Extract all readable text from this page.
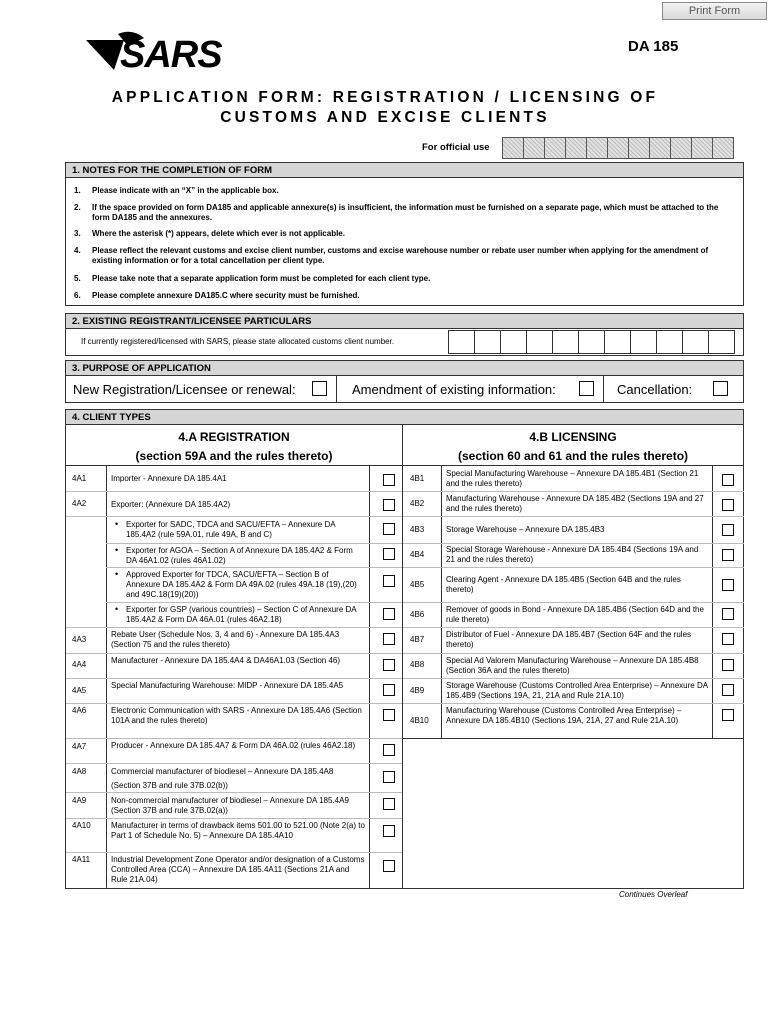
Print Form
SARS	DA 185
APPLICATION FORM: REGISTRATION / LICENSING OF
CUSTOMS AND EXCISE CLIENTS
For official use
1. NOTES FOR THE COMPLETION OF FORM
1. Please indicate with an “X” in the applicable box.
2. If the space provided on form DA185 and applicable annexure(s) is insufficient, the information must be furnished on a separate page, which must be attached to the form DA185 and the annexures.
3. Where the asterisk (*) appears, delete which ever is not applicable.
4. Please reflect the relevant customs and excise client number, customs and excise warehouse number or rebate user number when applying for the amendment of existing information or for a total cancellation per client type.
5. Please take note that a separate application form must be completed for each client type.
6. Please complete annexure DA185.C where security must be furnished.
2. EXISTING REGISTRANT/LICENSEE PARTICULARS
If currently registered/licensed with SARS, please state allocated customs client number.
3. PURPOSE OF APPLICATION
New Registration/Licensee or renewal:	Amendment of existing information:	Cancellation:
4. CLIENT TYPES
4.A REGISTRATION
(section 59A and the rules thereto)
4.B LICENSING
(section 60 and 61 and the rules thereto)
4A1	Importer - Annexure DA 185.4A1
4A2	Exporter: (Annexure DA 185.4A2)
• Exporter for SADC, TDCA and SACU/EFTA – Annexure DA 185.4A2 (rule 59A.01, rule 49A, B and C)
• Exporter for AGOA – Section A of Annexure DA 185.4A2 & Form DA 46A1.02 (rules 46A1.02)
• Approved Exporter for TDCA, SACU/EFTA – Section B of Annexure DA 185.4A2 & Form DA 49A.02 (rules 49A.18 (19),(20) and 49C.18(19)(20))
• Exporter for GSP (various countries) – Section C of Annexure DA 185.4A2 & Form DA 46A.01 (rules 46A2.18)
4A3
Rebate User (Schedule Nos. 3, 4 and 6) - Annexure DA 185.4A3 (Section 75 and the rules thereto)
4A4	Manufacturer - Annexure DA 185.4A4 & DA46A1.03 (Section 46)
4A5
Special Manufacturing Warehouse: MIDP - Annexure DA 185.4A5
4A6	Electronic Communication with SARS - Annexure DA 185.4A6 (Section 101A and the rules thereto)
4A7	Producer - Annexure DA 185.4A7 & Form DA 46A.02 (rules 46A2.18)
4A8	Commercial manufacturer of biodiesel – Annexure DA 185.4A8
(Section 37B and rule 37B.02(b))
4A9	Non-commercial manufacturer of biodiesel – Annexure DA 185.4A9 (Section 37B and rule 37B.02(a))
4A10	Manufacturer in terms of drawback items 501.00 to 521.00 (Note 2(a) to Part 1 of Schedule No. 5) – Annexure DA 185.4A10
4A11	Industrial Development Zone Operator and/or designation of a Customs Controlled Area (CCA) – Annexure DA 185.4A11 (Sections 21A and Rule 21A.04)
4B1
Special Manufacturing Warehouse – Annexure DA 185.4B1 (Section 21 and the rules thereto)
4B2
Manufacturing Warehouse - Annexure DA 185.4B2 (Sections 19A and 27 and the rules thereto)
4B3	Storage Warehouse – Annexure DA 185.4B3
4B4
Special Storage Warehouse - Annexure DA 185.4B4 (Sections 19A and 21 and the rules thereto)
4B5
Clearing Agent - Annexure DA 185.4B5 (Section 64B and the rules thereto)
4B6
Remover of goods in Bond - Annexure DA 185.4B6 (Section 64D and the rule thereto)
4B7
Distributor of Fuel - Annexure DA 185.4B7 (Section 64F and the rules thereto)
4B8	Special Ad Valorem Manufacturing Warehouse – Annexure DA 185.4B8 (Section 36A and the rules thereto)
4B9
Storage Warehouse (Customs Controlled Area Enterprise) – Annexure DA 185.4B9 (Sections 19A, 21, 21A and Rule 21A.10)
4B10
Manufacturing Warehouse (Customs Controlled Area Enterprise) – Annexure DA 185.4B10 (Sections 19A, 21A, 27 and Rule 21A.10)
Continues Overleaf
